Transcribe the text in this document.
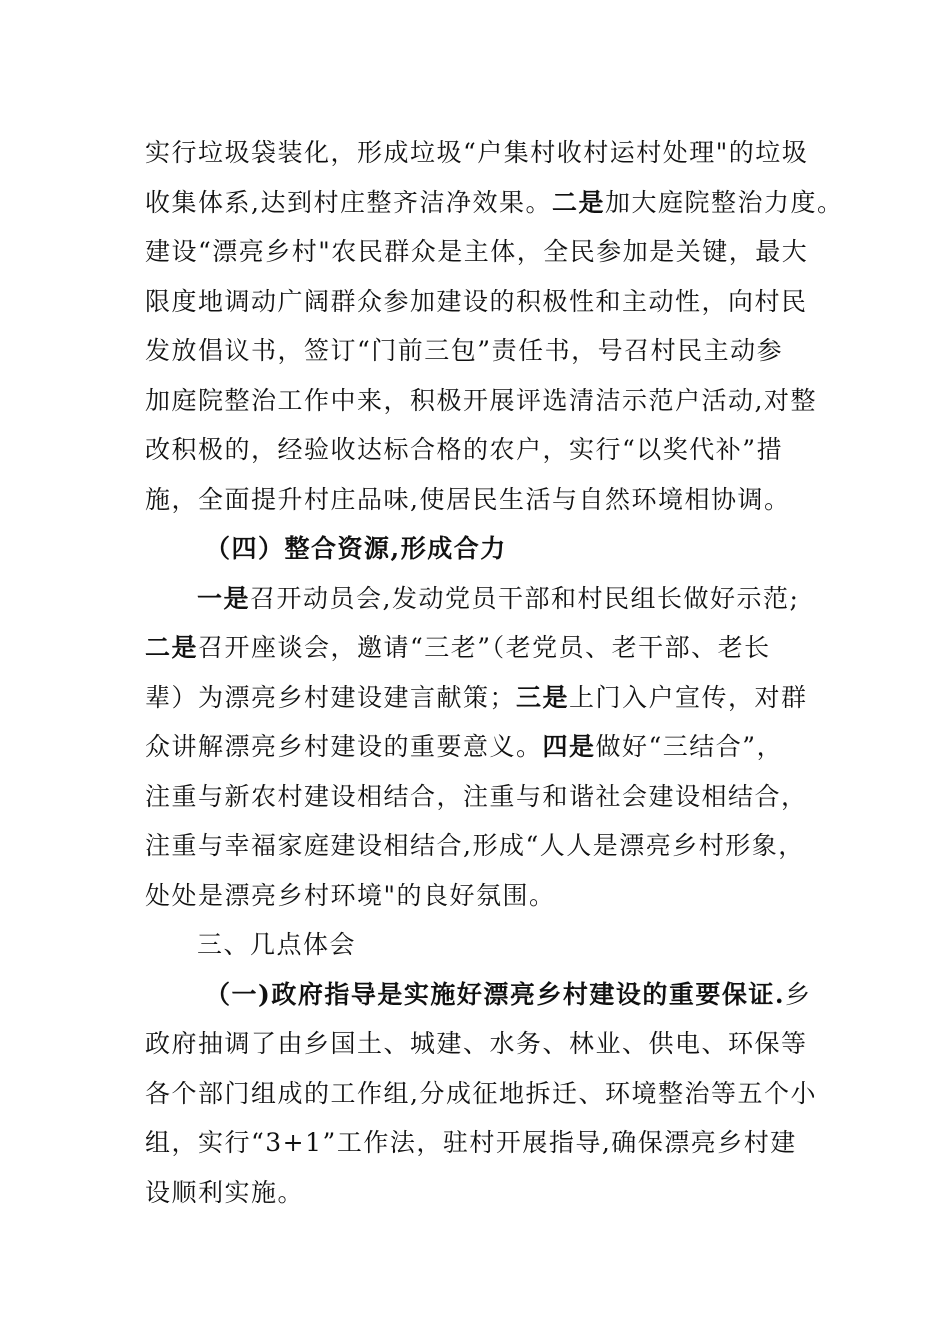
实行垃圾袋装化，形成垃圾“户集村收村运村处理"的垃圾
收集体系,达到村庄整齐洁净效果。二是加大庭院整治力度。
建设“漂亮乡村"农民群众是主体，全民参加是关键，最大
限度地调动广阔群众参加建设的积极性和主动性，向村民
发放倡议书，签订“门前三包”责任书，号召村民主动参
加庭院整治工作中来，积极开展评选清洁示范户活动,对整
改积极的，经验收达标合格的农户，实行“以奖代补”措
施，全面提升村庄品味,使居民生活与自然环境相协调。
（四）整合资源,形成合力
一是召开动员会,发动党员干部和村民组长做好示范;
二是召开座谈会，邀请“三老”（老党员、老干部、老长
辈）为漂亮乡村建设建言献策；三是上门入户宣传，对群
众讲解漂亮乡村建设的重要意义。四是做好“三结合”，
注重与新农村建设相结合，注重与和谐社会建设相结合，
注重与幸福家庭建设相结合,形成“人人是漂亮乡村形象，
处处是漂亮乡村环境"的良好氛围。
三、几点体会
（一)政府指导是实施好漂亮乡村建设的重要保证.乡
政府抽调了由乡国土、城建、水务、林业、供电、环保等
各个部门组成的工作组,分成征地拆迁、环境整治等五个小
组，实行“3+1”工作法，驻村开展指导,确保漂亮乡村建
设顺利实施。
